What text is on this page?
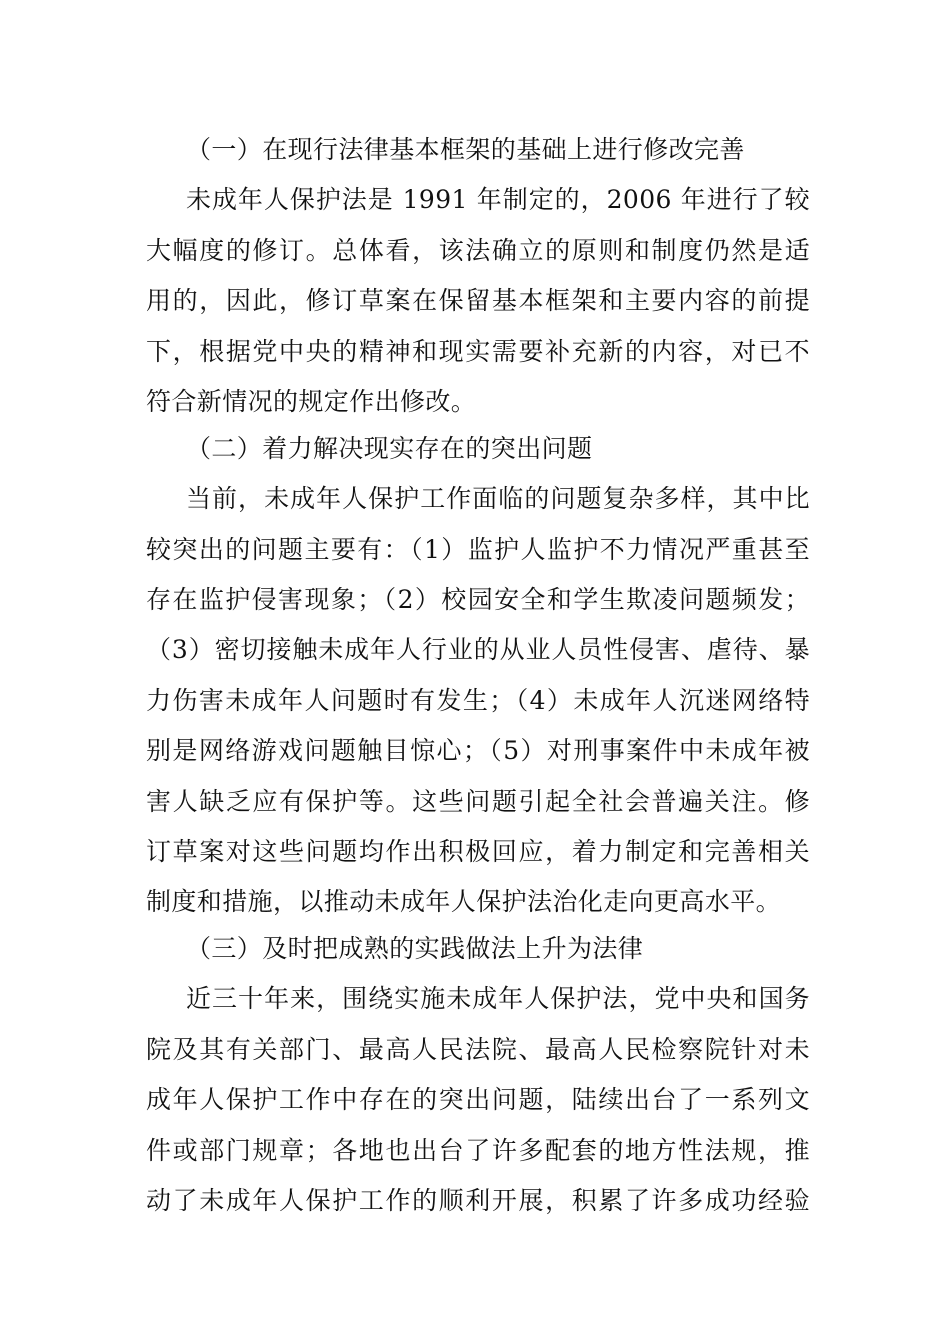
（一）在现行法律基本框架的基础上进行修改完善
未成年人保护法是 1991 年制定的，2006 年进行了较
大幅度的修订。总体看，该法确立的原则和制度仍然是适
用的，因此，修订草案在保留基本框架和主要内容的前提
下，根据党中央的精神和现实需要补充新的内容，对已不
符合新情况的规定作出修改。
（二）着力解决现实存在的突出问题
当前，未成年人保护工作面临的问题复杂多样，其中比
较突出的问题主要有：（1）监护人监护不力情况严重甚至
存在监护侵害现象；（2）校园安全和学生欺凌问题频发；
（3）密切接触未成年人行业的从业人员性侵害、虐待、暴
力伤害未成年人问题时有发生；（4）未成年人沉迷网络特
别是网络游戏问题触目惊心；（5）对刑事案件中未成年被
害人缺乏应有保护等。这些问题引起全社会普遍关注。修
订草案对这些问题均作出积极回应，着力制定和完善相关
制度和措施，以推动未成年人保护法治化走向更高水平。
（三）及时把成熟的实践做法上升为法律
近三十年来，围绕实施未成年人保护法，党中央和国务
院及其有关部门、最高人民法院、最高人民检察院针对未
成年人保护工作中存在的突出问题，陆续出台了一系列文
件或部门规章；各地也出台了许多配套的地方性法规，推
动了未成年人保护工作的顺利开展，积累了许多成功经验
